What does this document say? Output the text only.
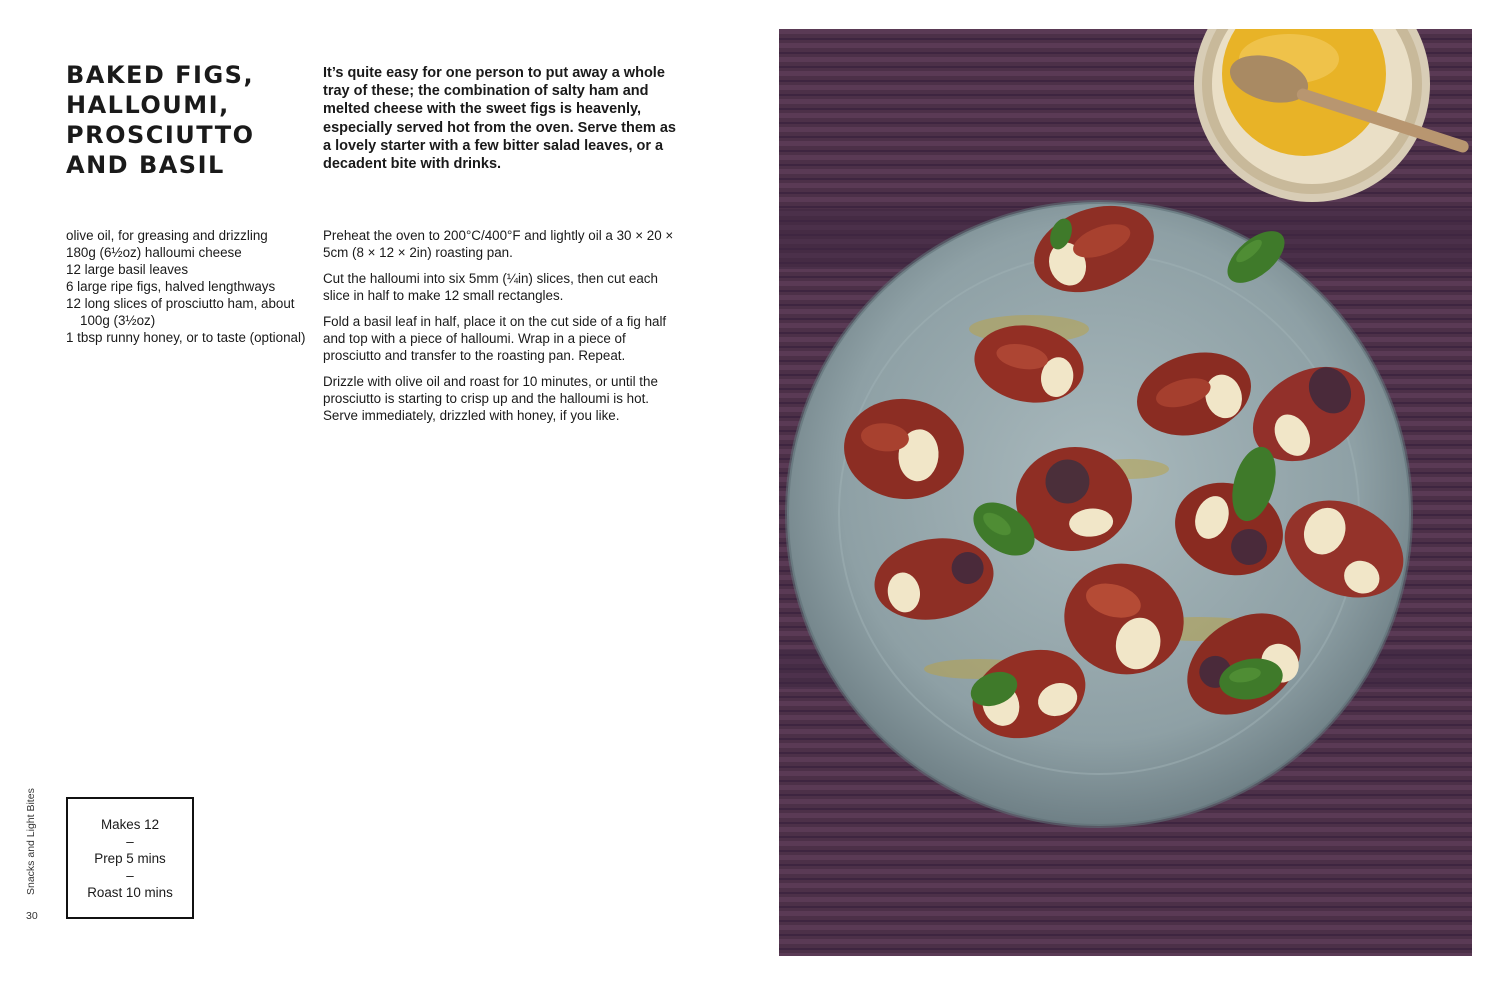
BAKED FIGS,
HALLOUMI,
PROSCIUTTO
AND BASIL

It’s quite easy for one person to put away a whole tray of these; the combination of salty ham and melted cheese with the sweet figs is heavenly, especially served hot from the oven. Serve them as a lovely starter with a few bitter salad leaves, or a decadent bite with drinks.

olive oil, for greasing and drizzling
180g (6½oz) halloumi cheese
12 large basil leaves
6 large ripe figs, halved lengthways
12 long slices of prosciutto ham, about 100g (3½oz)
1 tbsp runny honey, or to taste (optional)

Preheat the oven to 200°C/400°F and lightly oil a 30 × 20 × 5cm (8 × 12 × 2in) roasting pan.

Cut the halloumi into six 5mm (¼in) slices, then cut each slice in half to make 12 small rectangles.

Fold a basil leaf in half, place it on the cut side of a fig half and top with a piece of halloumi. Wrap in a piece of prosciutto and transfer to the roasting pan. Repeat.

Drizzle with olive oil and roast for 10 minutes, or until the prosciutto is starting to crisp up and the halloumi is hot. Serve immediately, drizzled with honey, if you like.

Makes 12
–
Prep 5 mins
–
Roast 10 mins
Snacks and Light Bites
30
